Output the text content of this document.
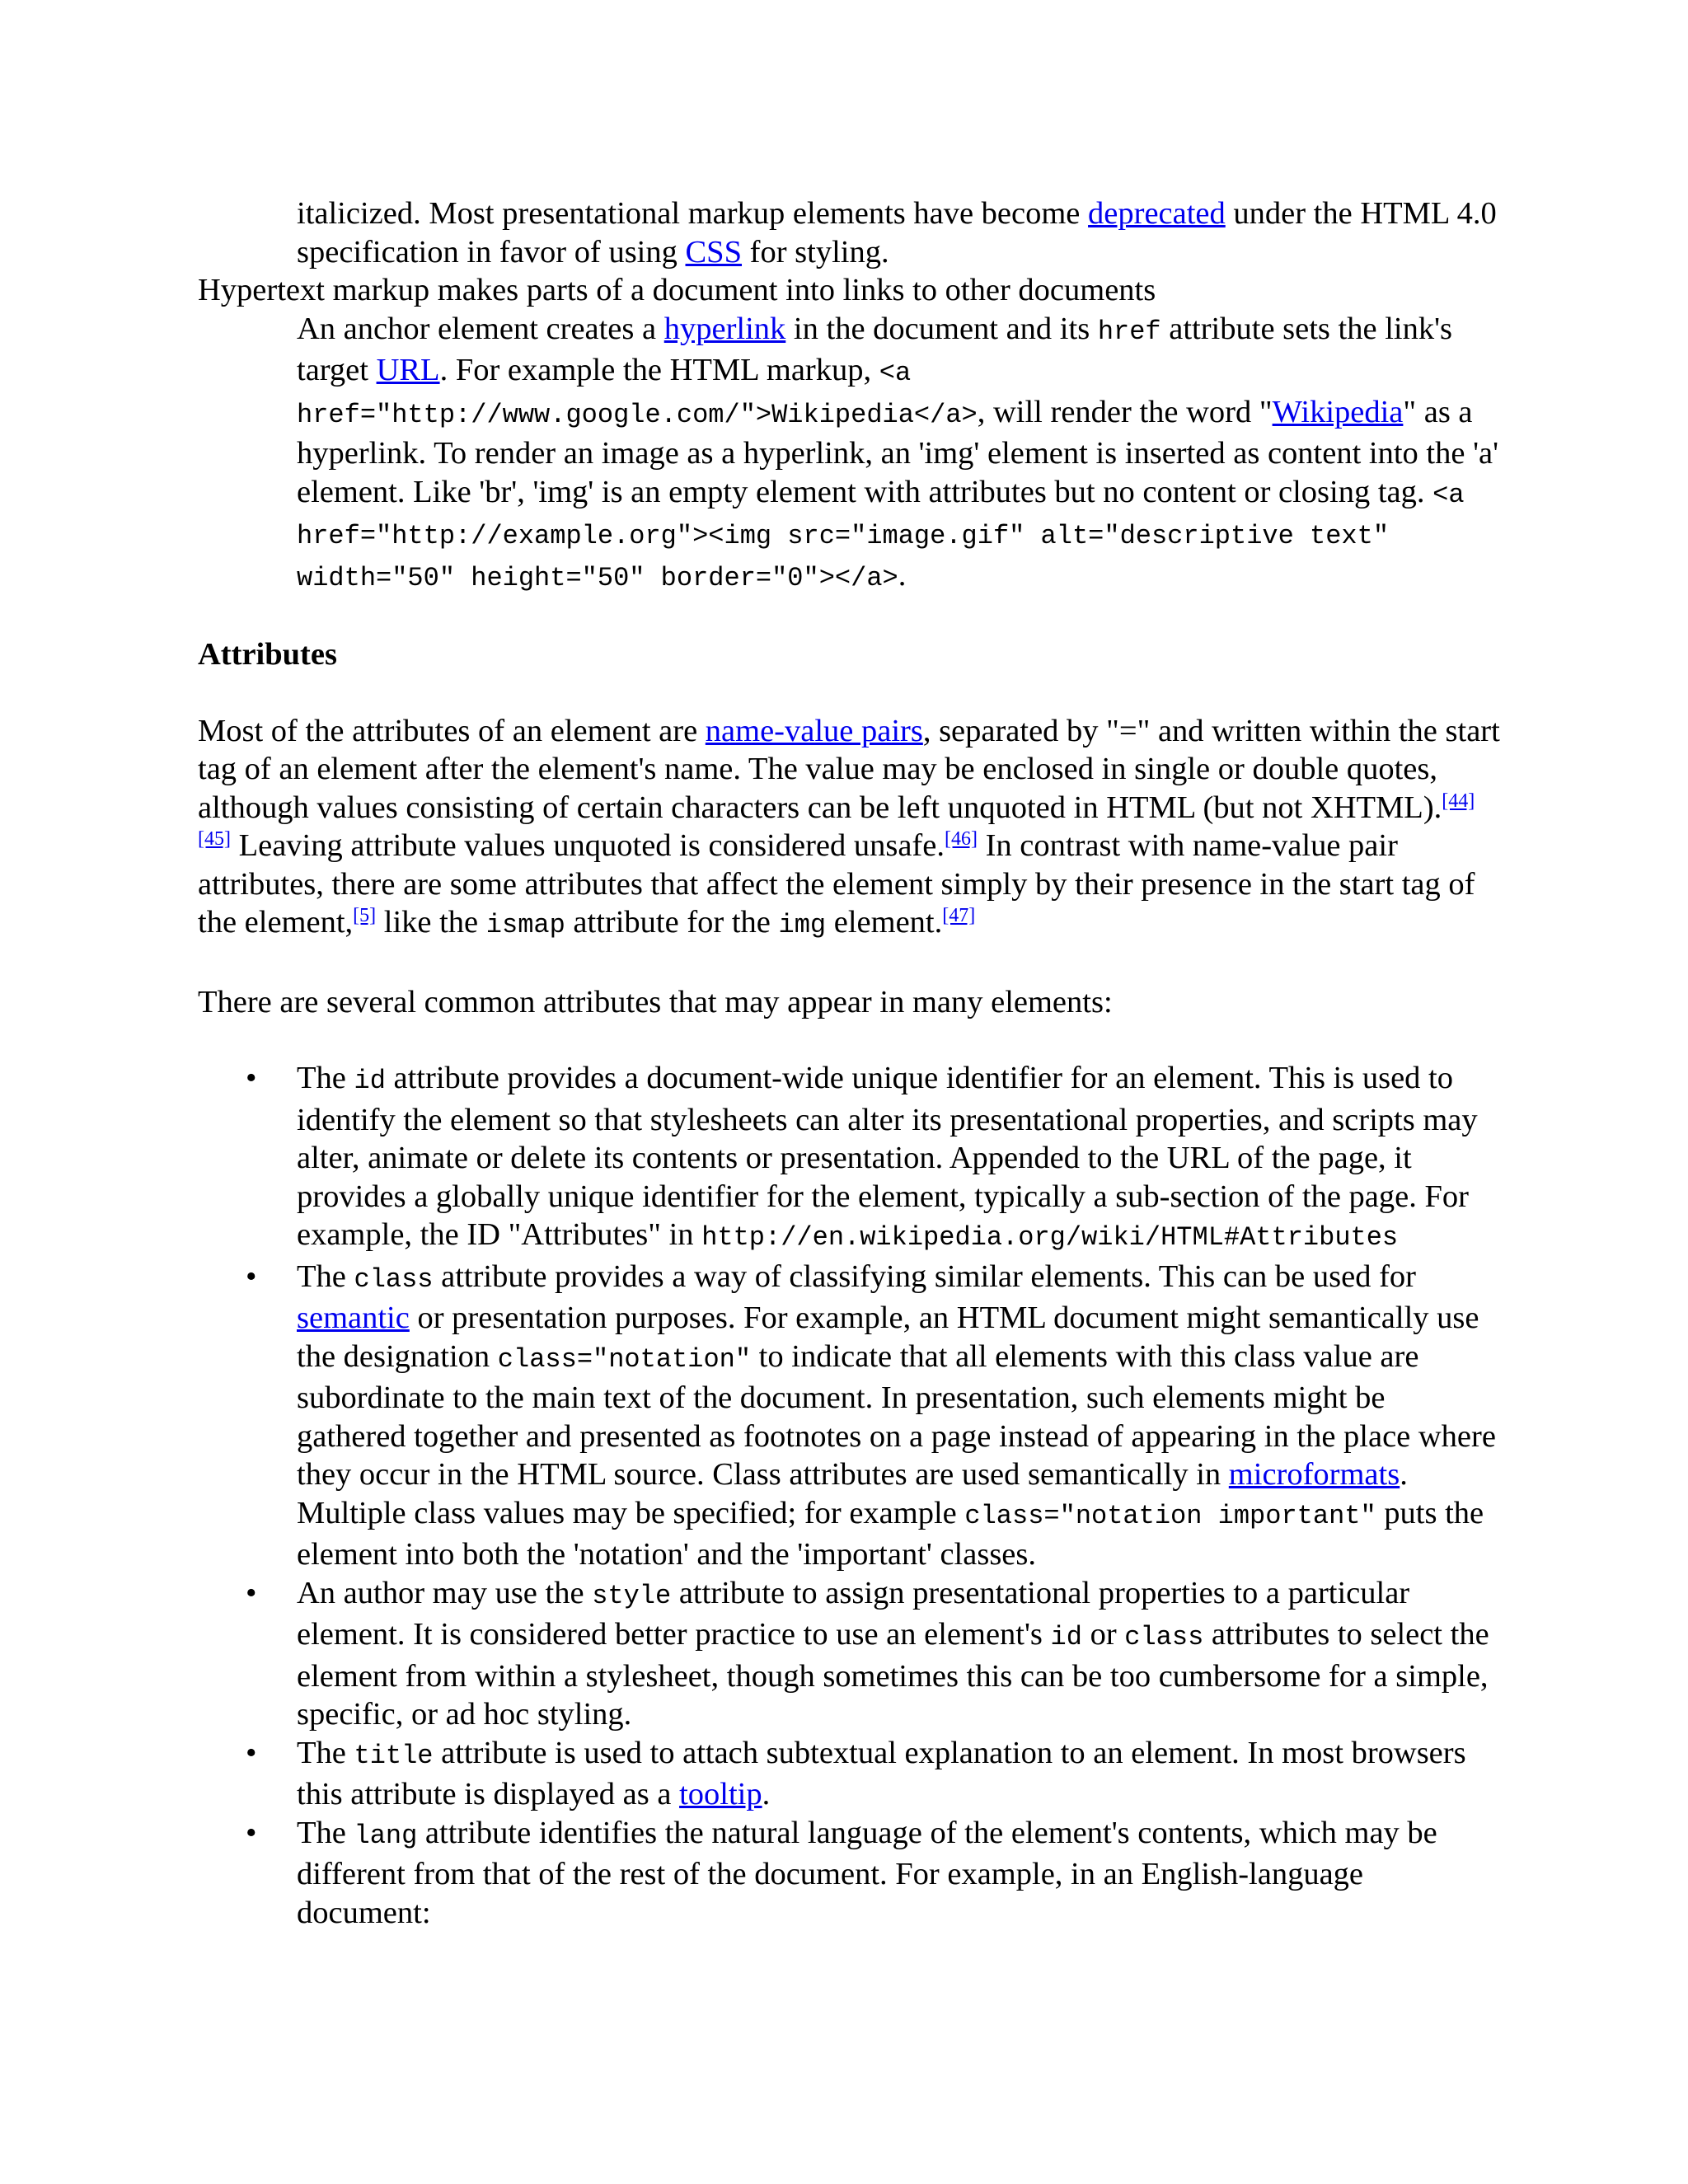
italicized. Most presentational markup elements have become deprecated under the HTML 4.0 specification in favor of using CSS for styling.

Hypertext markup makes parts of a document into links to other documents

An anchor element creates a hyperlink in the document and its href attribute sets the link's target URL. For example the HTML markup, <a href="http://www.google.com/">Wikipedia</a>, will render the word "Wikipedia" as a hyperlink. To render an image as a hyperlink, an 'img' element is inserted as content into the 'a' element. Like 'br', 'img' is an empty element with attributes but no content or closing tag. <a href="http://example.org"><img src="image.gif" alt="descriptive text" width="50" height="50" border="0"></a>.

Attributes

Most of the attributes of an element are name-value pairs, separated by "=" and written within the start tag of an element after the element's name. The value may be enclosed in single or double quotes, although values consisting of certain characters can be left unquoted in HTML (but not XHTML).[44][45] Leaving attribute values unquoted is considered unsafe.[46] In contrast with name-value pair attributes, there are some attributes that affect the element simply by their presence in the start tag of the element,[5] like the ismap attribute for the img element.[47]

There are several common attributes that may appear in many elements:

• The id attribute provides a document-wide unique identifier for an element. This is used to identify the element so that stylesheets can alter its presentational properties, and scripts may alter, animate or delete its contents or presentation. Appended to the URL of the page, it provides a globally unique identifier for the element, typically a sub-section of the page. For example, the ID "Attributes" in http://en.wikipedia.org/wiki/HTML#Attributes
• The class attribute provides a way of classifying similar elements. This can be used for semantic or presentation purposes. For example, an HTML document might semantically use the designation class="notation" to indicate that all elements with this class value are subordinate to the main text of the document. In presentation, such elements might be gathered together and presented as footnotes on a page instead of appearing in the place where they occur in the HTML source. Class attributes are used semantically in microformats. Multiple class values may be specified; for example class="notation important" puts the element into both the 'notation' and the 'important' classes.
• An author may use the style attribute to assign presentational properties to a particular element. It is considered better practice to use an element's id or class attributes to select the element from within a stylesheet, though sometimes this can be too cumbersome for a simple, specific, or ad hoc styling.
• The title attribute is used to attach subtextual explanation to an element. In most browsers this attribute is displayed as a tooltip.
• The lang attribute identifies the natural language of the element's contents, which may be different from that of the rest of the document. For example, in an English-language document:
